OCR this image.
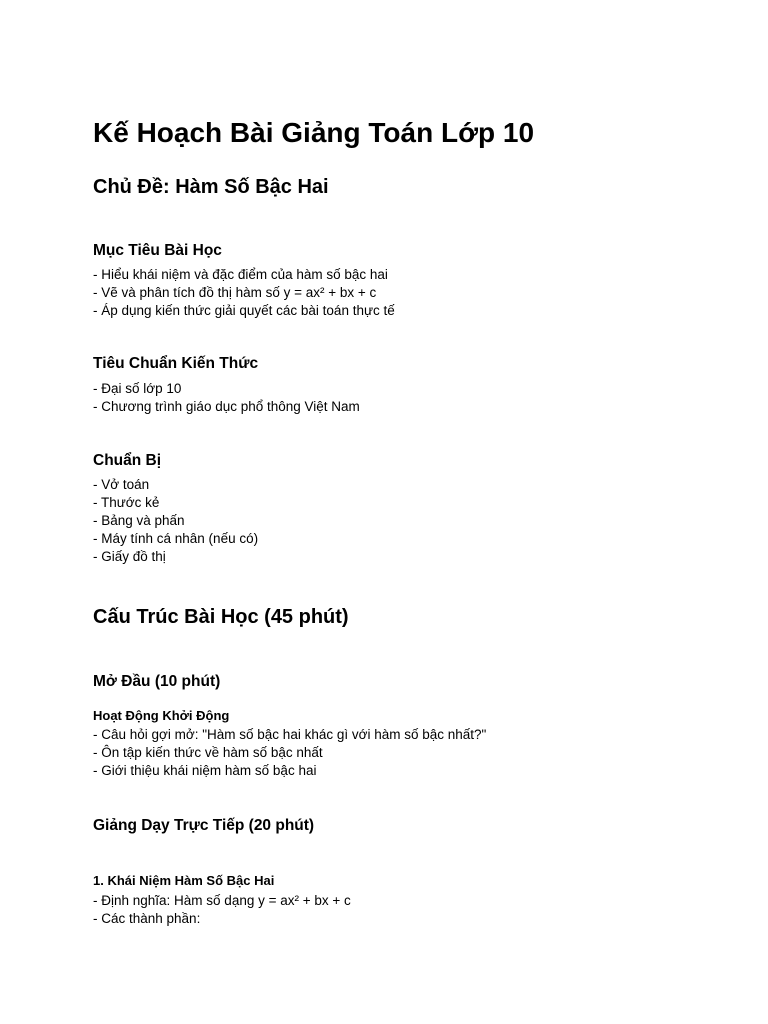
Kế Hoạch Bài Giảng Toán Lớp 10
Chủ Đề: Hàm Số Bậc Hai
Mục Tiêu Bài Học
- Hiểu khái niệm và đặc điểm của hàm số bậc hai
- Vẽ và phân tích đồ thị hàm số y = ax² + bx + c
- Áp dụng kiến thức giải quyết các bài toán thực tế
Tiêu Chuẩn Kiến Thức
- Đại số lớp 10
- Chương trình giáo dục phổ thông Việt Nam
Chuẩn Bị
- Vở toán
- Thước kẻ
- Bảng và phấn
- Máy tính cá nhân (nếu có)
- Giấy đồ thị
Cấu Trúc Bài Học (45 phút)
Mở Đầu (10 phút)
Hoạt Động Khởi Động
- Câu hỏi gợi mở: "Hàm số bậc hai khác gì với hàm số bậc nhất?"
- Ôn tập kiến thức về hàm số bậc nhất
- Giới thiệu khái niệm hàm số bậc hai
Giảng Dạy Trực Tiếp (20 phút)
1. Khái Niệm Hàm Số Bậc Hai
- Định nghĩa: Hàm số dạng y = ax² + bx + c
- Các thành phần:
